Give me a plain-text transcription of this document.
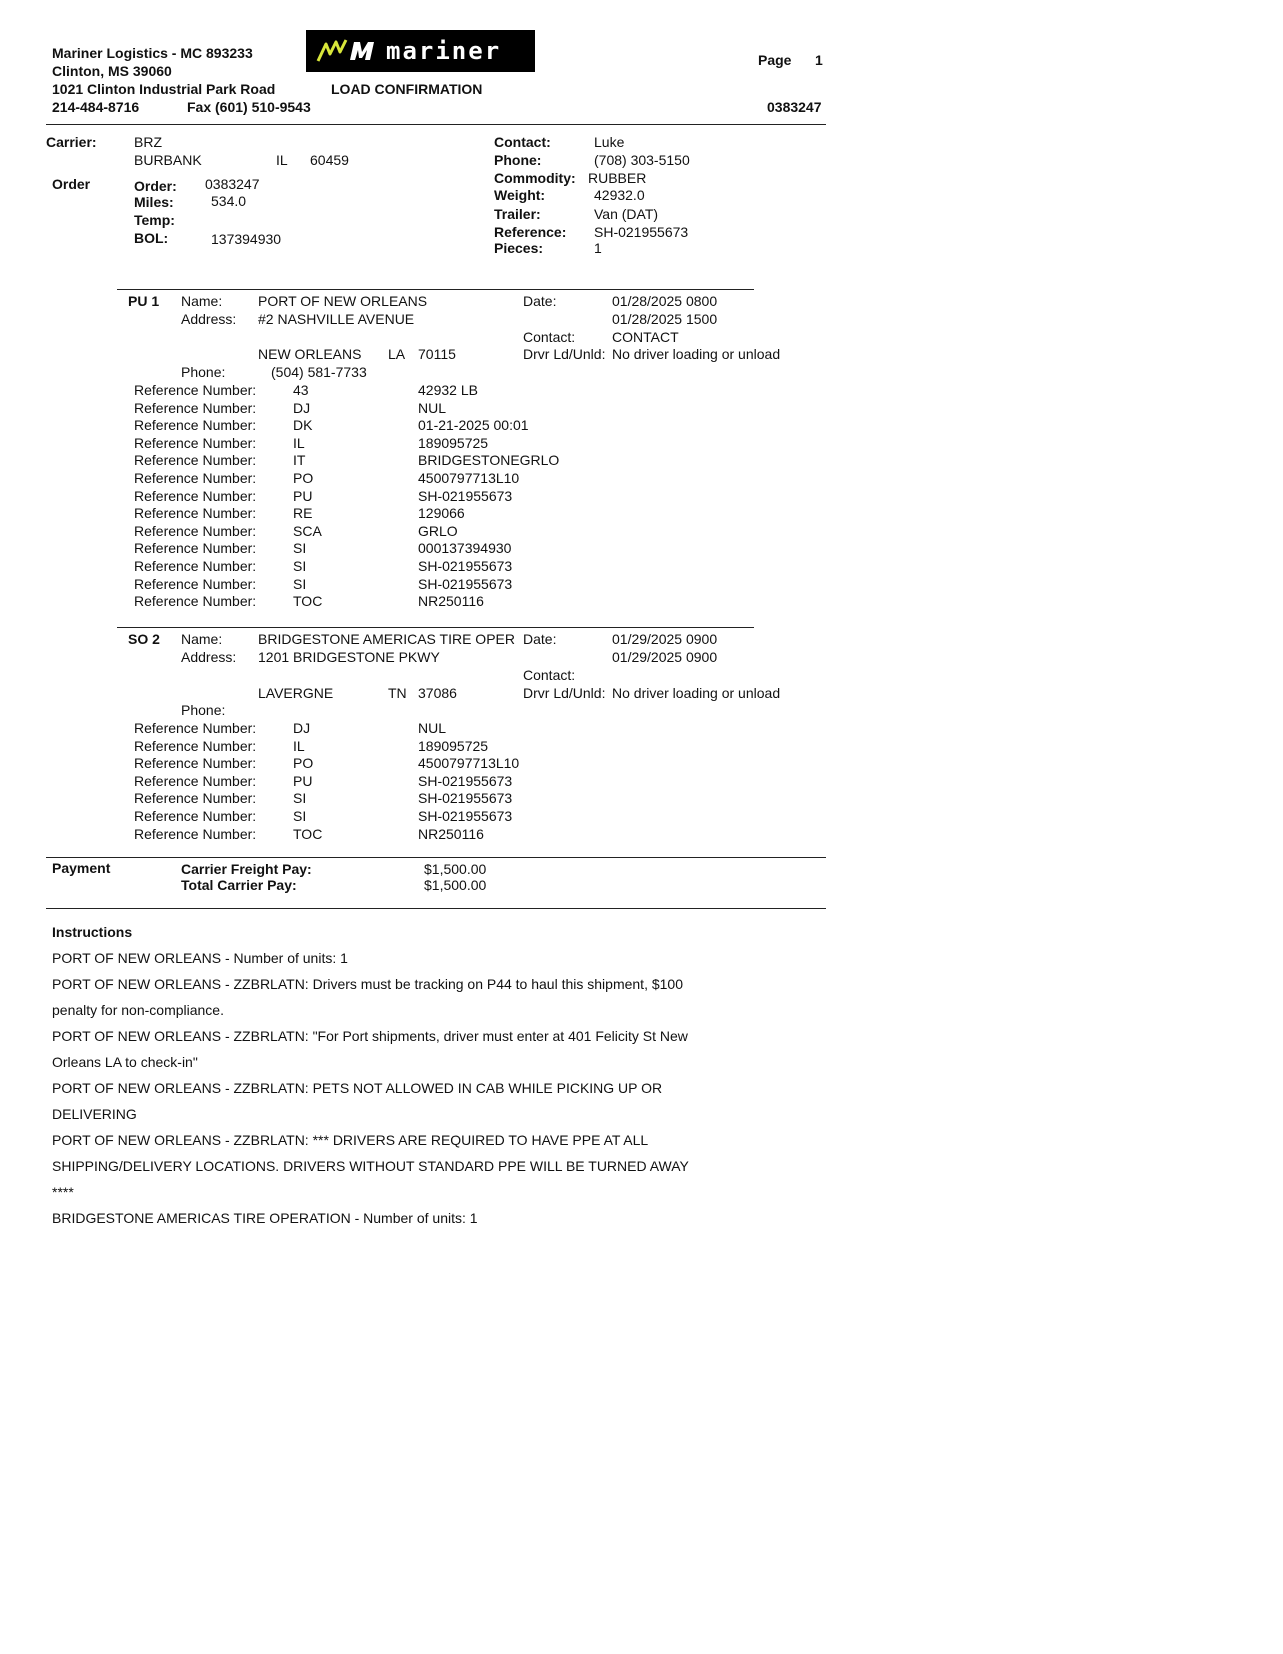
Mariner Logistics - MC 893233
Clinton, MS 39060
1021 Clinton Industrial Park Road
214-484-8716	Fax (601) 510-9543
LOAD CONFIRMATION
mariner	Page 1
0383247
Carrier:	BRZ
BURBANK	IL 60459
Order	Order: 0383247
Miles:	534.0
Temp:
BOL:	137394930
Contact:	Luke
Phone:	(708) 303-5150
Commodity: RUBBER
Weight:	42932.0
Trailer:	Van (DAT)
Reference: SH-021955673
Pieces:	1
PU 1 Name:	PORT OF NEW ORLEANS
Address: #2 NASHVILLE AVENUE
NEW ORLEANS LA 70115
Phone:	(504) 581-7733
Date:	01/28/2025 0800
01/28/2025 1500
Contact:	CONTACT
Drvr Ld/Unld: No driver loading or unload
Reference Number:	43	42932 LB
Reference Number:	DJ	NUL
Reference Number:	DK	01-21-2025 00:01
Reference Number:	IL	189095725
Reference Number:	IT	BRIDGESTONEGRLO
Reference Number:	PO	4500797713L10
Reference Number:	PU	SH-021955673
Reference Number:	RE	129066
Reference Number:	SCA	GRLO
Reference Number:	SI	000137394930
Reference Number:	SI	SH-021955673
Reference Number:	SI	SH-021955673
Reference Number:	TOC	NR250116
SO 2 Name:	BRIDGESTONE AMERICAS TIRE OPER
Address: 1201 BRIDGESTONE PKWY
LAVERGNE	TN 37086
Phone:
Date:	01/29/2025 0900
01/29/2025 0900
Contact:
Drvr Ld/Unld: No driver loading or unload
Reference Number:	DJ	NUL
Reference Number:	IL	189095725
Reference Number:	PO	4500797713L10
Reference Number:	PU	SH-021955673
Reference Number:	SI	SH-021955673
Reference Number:	SI	SH-021955673
Reference Number:	TOC	NR250116
Payment	Carrier Freight Pay:	$1,500.00
Total Carrier Pay:	$1,500.00
Instructions
PORT OF NEW ORLEANS - Number of units: 1
PORT OF NEW ORLEANS - ZZBRLATN: Drivers must be tracking on P44 to haul this shipment, $100
penalty for non-compliance.
PORT OF NEW ORLEANS - ZZBRLATN: "For Port shipments, driver must enter at 401 Felicity St New
Orleans LA to check-in"
PORT OF NEW ORLEANS - ZZBRLATN: PETS NOT ALLOWED IN CAB WHILE PICKING UP OR
DELIVERING
PORT OF NEW ORLEANS - ZZBRLATN: *** DRIVERS ARE REQUIRED TO HAVE PPE AT ALL
SHIPPING/DELIVERY LOCATIONS. DRIVERS WITHOUT STANDARD PPE WILL BE TURNED AWAY
****
BRIDGESTONE AMERICAS TIRE OPERATION - Number of units: 1
